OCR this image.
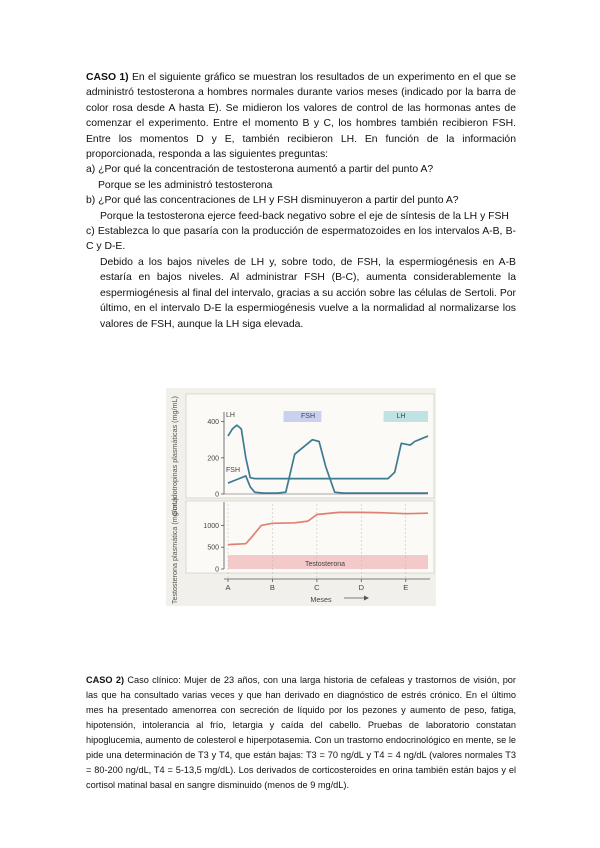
CASO 1) En el siguiente gráfico se muestran los resultados de un experimento en el que se administró testosterona a hombres normales durante varios meses (indicado por la barra de color rosa desde A hasta E). Se midieron los valores de control de las hormonas antes de comenzar el experimento. Entre el momento B y C, los hombres también recibieron FSH. Entre los momentos D y E, también recibieron LH. En función de la información proporcionada, responda a las siguientes preguntas:

a) ¿Por qué la concentración de testosterona aumentó a partir del punto A?

Porque se les administró testosterona

b) ¿Por qué las concentraciones de LH y FSH disminuyeron a partir del punto A?

Porque la testosterona ejerce feed-back negativo sobre el eje de síntesis de la LH y FSH

c) Establezca lo que pasaría con la producción de espermatozoides en los intervalos A-B, B-C y D-E.

Debido a los bajos niveles de LH y, sobre todo, de FSH, la espermiogénesis en A-B estaría en bajos niveles. Al administrar FSH (B-C), aumenta considerablemente la espermiogénesis al final del intervalo, gracias a su acción sobre las células de Sertoli. Por último, en el intervalo D-E la espermiogénesis vuelve a la normalidad al normalizarse los valores de FSH, aunque la LH siga elevada.

400
200
0
1000
500
0
A	B	C	D	E
Gonadotropinas plasmáticas (mg/mL)
Testosterona plasmática (mg/mL)
FSH	LH
Testosterona
LH
FSH
Meses

CASO 2) Caso clínico: Mujer de 23 años, con una larga historia de cefaleas y trastornos de visión, por las que ha consultado varias veces y que han derivado en diagnóstico de estrés crónico. En el último mes ha presentado amenorrea con secreción de líquido por los pezones y aumento de peso, fatiga, hipotensión, intolerancia al frío, letargia y caída del cabello. Pruebas de laboratorio constatan hipoglucemia, aumento de colesterol e hiperpotasemia. Con un trastorno endocrinológico en mente, se le pide una determinación de T3 y T4, que están bajas: T3 = 70 ng/dL y T4 = 4 ng/dL (valores normales T3 = 80-200 ng/dL, T4 = 5-13,5 mg/dL). Los derivados de corticosteroides en orina también están bajos y el cortisol matinal basal en sangre disminuido (menos de 9 mg/dL).
